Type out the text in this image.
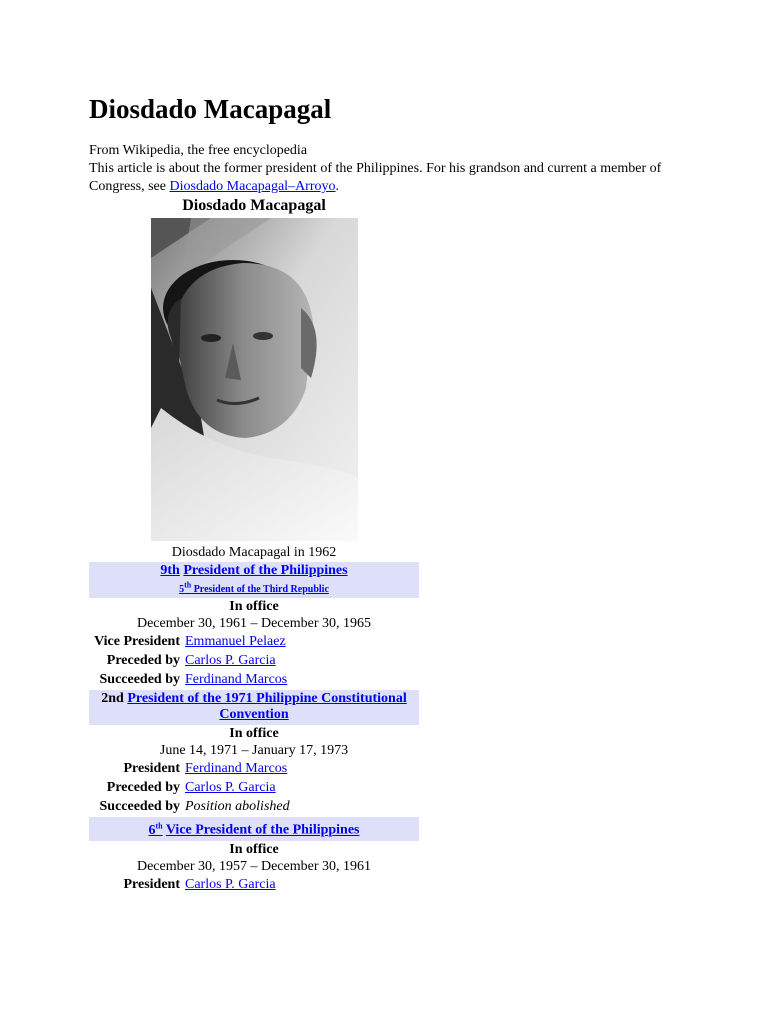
Diosdado Macapagal
From Wikipedia, the free encyclopedia
This article is about the former president of the Philippines. For his grandson and current a member of Congress, see Diosdado Macapagal–Arroyo.
Diosdado Macapagal
Diosdado Macapagal in 1962
9th President of the Philippines
5th President of the Third Republic
In office
December 30, 1961 – December 30, 1965
Vice President Emmanuel Pelaez
Preceded by Carlos P. Garcia
Succeeded by Ferdinand Marcos
2nd President of the 1971 Philippine Constitutional Convention
In office
June 14, 1971 – January 17, 1973
President Ferdinand Marcos
Preceded by Carlos P. Garcia
Succeeded by Position abolished
6th Vice President of the Philippines
In office
December 30, 1957 – December 30, 1961
President Carlos P. Garcia
